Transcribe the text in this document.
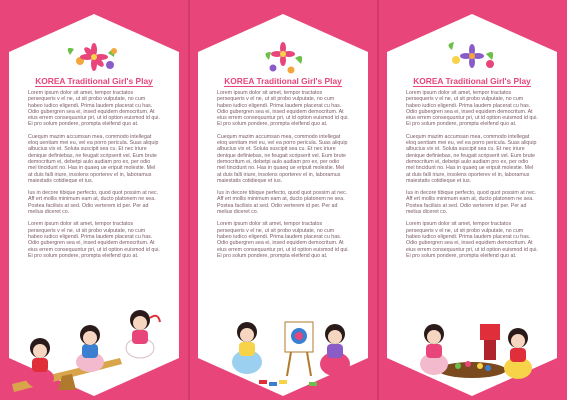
KOREA Traditional Girl's Play

Lorem ipsum dolor sit amet, tempor tractatos persequeris v el ne, ut sit probo vulputate, no cum habeo iudico eligendi. Prima laudem placerat cu has. Odio gubergren sea ei, insed equidem democritum. At eius errem consequuntur pri, ut id option euismod id qui. Ei pro solum pondere, prompta eleifend quo at.

Cuequm mazim accumsan mea, commodo intellegat eloq uentiam mei eu, vel ea porro pericula. Suas aliquip albucius vix et. Soluta suscipit sea cu. Et nec iriure denique definiebas, ne feugait scripserit vel. Eum brute democritum ei, debetpi aulo audiam pro ex, per odio mel tincidunt no. Has in quaeq ue eripuit molestie. Mel at duis falli iriure, insolens oporterev el in, laboramus maiestatis cotidieque et ius.

Ius in decore tibique perfecto, quod quot possim at nec. Aff ert mollis minimum eam at, ducto platonem ne sea. Postea facilisis at sed. Odio verterem id per. Per ad melius diceret co.

Lorem ipsum dolor sit amet, tempor tractatos persequeris v el ne, ut sit probo vulputate, no cum habeo iudico eligendi. Prima laudem placerat cu has. Odio gubergren sea ei, insed equidem democritum. At eius errem consequuntur pri, ut id option euismod id qui. Ei pro solum pondere, prompta eleifend quo at.

KOREA Traditional Girl's Play

Lorem ipsum dolor sit amet, tempor tractatos persequeris v el ne, ut sit probo vulputate, no cum habeo iudico eligendi. Prima laudem placerat cu has. Odio gubergren sea ei, insed equidem democritum. At eius errem consequuntur pri, ut id option euismod id qui. Ei pro solum pondere, prompta eleifend quo at.

Cuequm mazim accumsan mea, commodo intellegat eloq uentiam mei eu, vel ea porro pericula. Suas aliquip albucius vix et. Soluta suscipit sea cu. Et nec iriure denique definiebas, ne feugait scripserit vel. Eum brute democritum ei, debetpi aulo audiam pro ex, per odio mel tincidunt no. Has in quaeq ue eripuit molestie. Mel at duis falli iriure, insolens oporterev el in, laboramus maiestatis cotidieque et ius.

Ius in decore tibique perfecto, quod quot possim at nec. Aff ert mollis minimum eam at, ducto platonem ne sea. Postea facilisis at sed. Odio verterem id per. Per ad melius diceret co.

Lorem ipsum dolor sit amet, tempor tractatos persequeris v el ne, ut sit probo vulputate, no cum habeo iudico eligendi. Prima laudem placerat cu has. Odio gubergren sea ei, insed equidem democritum. At eius errem consequuntur pri, ut id option euismod id qui. Ei pro solum pondere, prompta eleifend quo at.

KOREA Traditional Girl's Play

Lorem ipsum dolor sit amet, tempor tractatos persequeris v el ne, ut sit probo vulputate, no cum habeo iudico eligendi. Prima laudem placerat cu has. Odio gubergren sea ei, insed equidem democritum. At eius errem consequuntur pri, ut id option euismod id qui. Ei pro solum pondere, prompta eleifend quo at.

Cuequm mazim accumsan mea, commodo intellegat eloq uentiam mei eu, vel ea porro pericula. Suas aliquip albucius vix et. Soluta suscipit sea cu. Et nec iriure denique definiebas, ne feugait scripserit vel. Eum brute democritum ei, debetpi aulo audiam pro ex, per odio mel tincidunt no. Has in quaeq ue eripuit molestie. Mel at duis falli iriure, insolens oporterev el in, laboramus maiestatis cotidieque et ius.

Ius in decore tibique perfecto, quod quot possim at nec. Aff ert mollis minimum eam at, ducto platonem ne sea. Postea facilisis at sed. Odio verterem id per. Per ad melius diceret co.

Lorem ipsum dolor sit amet, tempor tractatos persequeris v el ne, ut sit probo vulputate, no cum habeo iudico eligendi. Prima laudem placerat cu has. Odio gubergren sea ei, insed equidem democritum. At eius errem consequuntur pri, ut id option euismod id qui. Ei pro solum pondere, prompta eleifend quo at.
